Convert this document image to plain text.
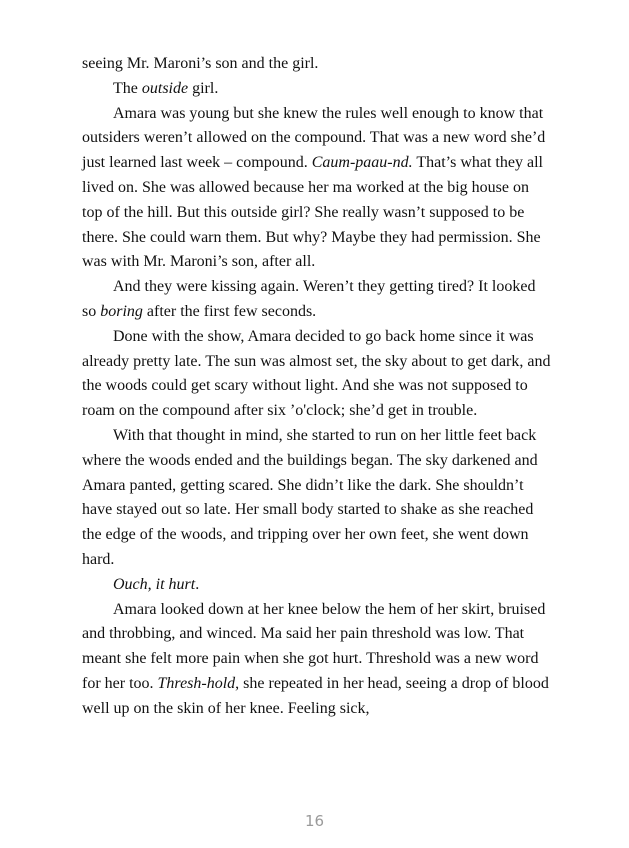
seeing Mr. Maroni’s son and the girl.

The outside girl.

Amara was young but she knew the rules well enough to know that outsiders weren’t allowed on the compound. That was a new word she’d just learned last week – compound. Caum-paau-nd. That’s what they all lived on. She was allowed because her ma worked at the big house on top of the hill. But this outside girl? She really wasn’t supposed to be there. She could warn them. But why? Maybe they had permission. She was with Mr. Maroni’s son, after all.

And they were kissing again. Weren’t they getting tired? It looked so boring after the first few seconds.

Done with the show, Amara decided to go back home since it was already pretty late. The sun was almost set, the sky about to get dark, and the woods could get scary without light. And she was not supposed to roam on the compound after six ’o'clock; she’d get in trouble.

With that thought in mind, she started to run on her little feet back where the woods ended and the buildings began. The sky darkened and Amara panted, getting scared. She didn’t like the dark. She shouldn’t have stayed out so late. Her small body started to shake as she reached the edge of the woods, and tripping over her own feet, she went down hard.

Ouch, it hurt.

Amara looked down at her knee below the hem of her skirt, bruised and throbbing, and winced. Ma said her pain threshold was low. That meant she felt more pain when she got hurt. Threshold was a new word for her too. Thresh-hold, she repeated in her head, seeing a drop of blood well up on the skin of her knee. Feeling sick,

16
